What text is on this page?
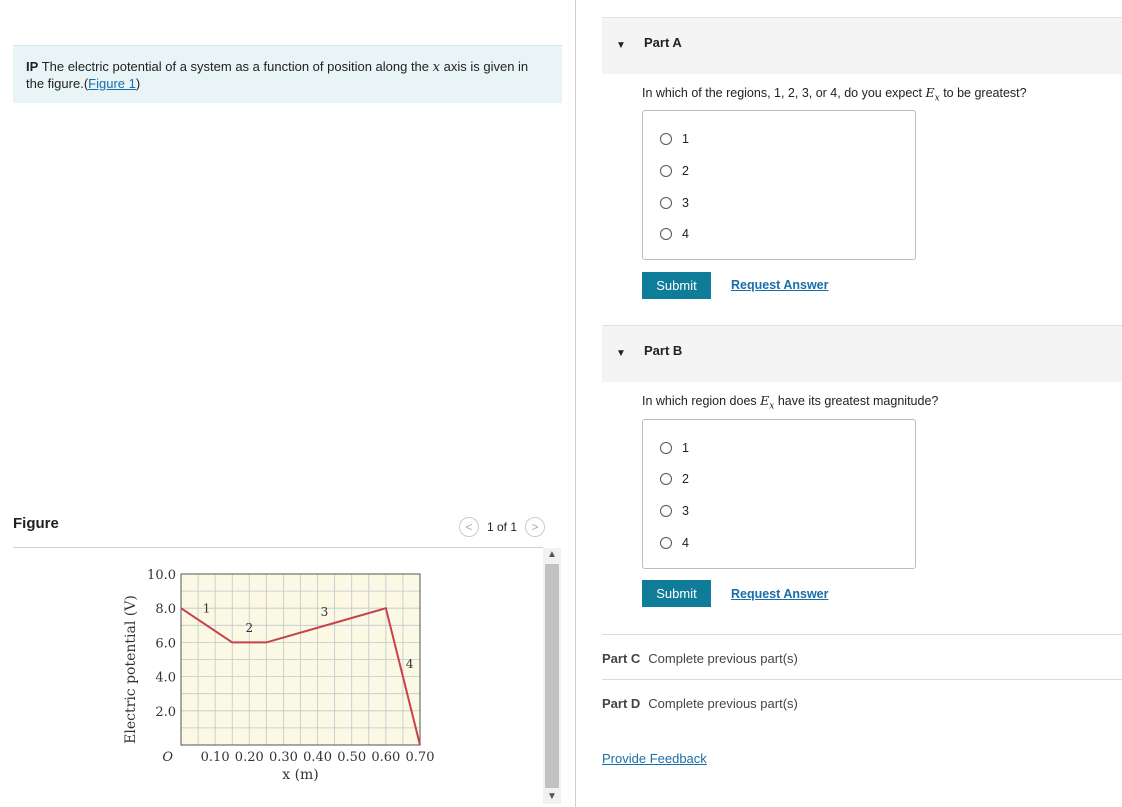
IP The electric potential of a system as a function of position along the x axis is given in the figure.(Figure 1)
Figure	< 1 of 1 >
2.0
4.0
6.0
8.0
10.0
0.10 0.20 0.30 0.40 0.50 0.60 0.70
O
x (m)
Electric potential (V)	1
2
3
4
▲
▼
▼ Part A
In which of the regions, 1, 2, 3, or 4, do you expect $E_x$ to be greatest?
1
2
3
4
Submit	Request Answer
▼ Part B
In which region does $E_x$ have its greatest magnitude?
1
2
3
4
Submit	Request Answer
Part C Complete previous part(s)
Part D Complete previous part(s)
Provide Feedback
